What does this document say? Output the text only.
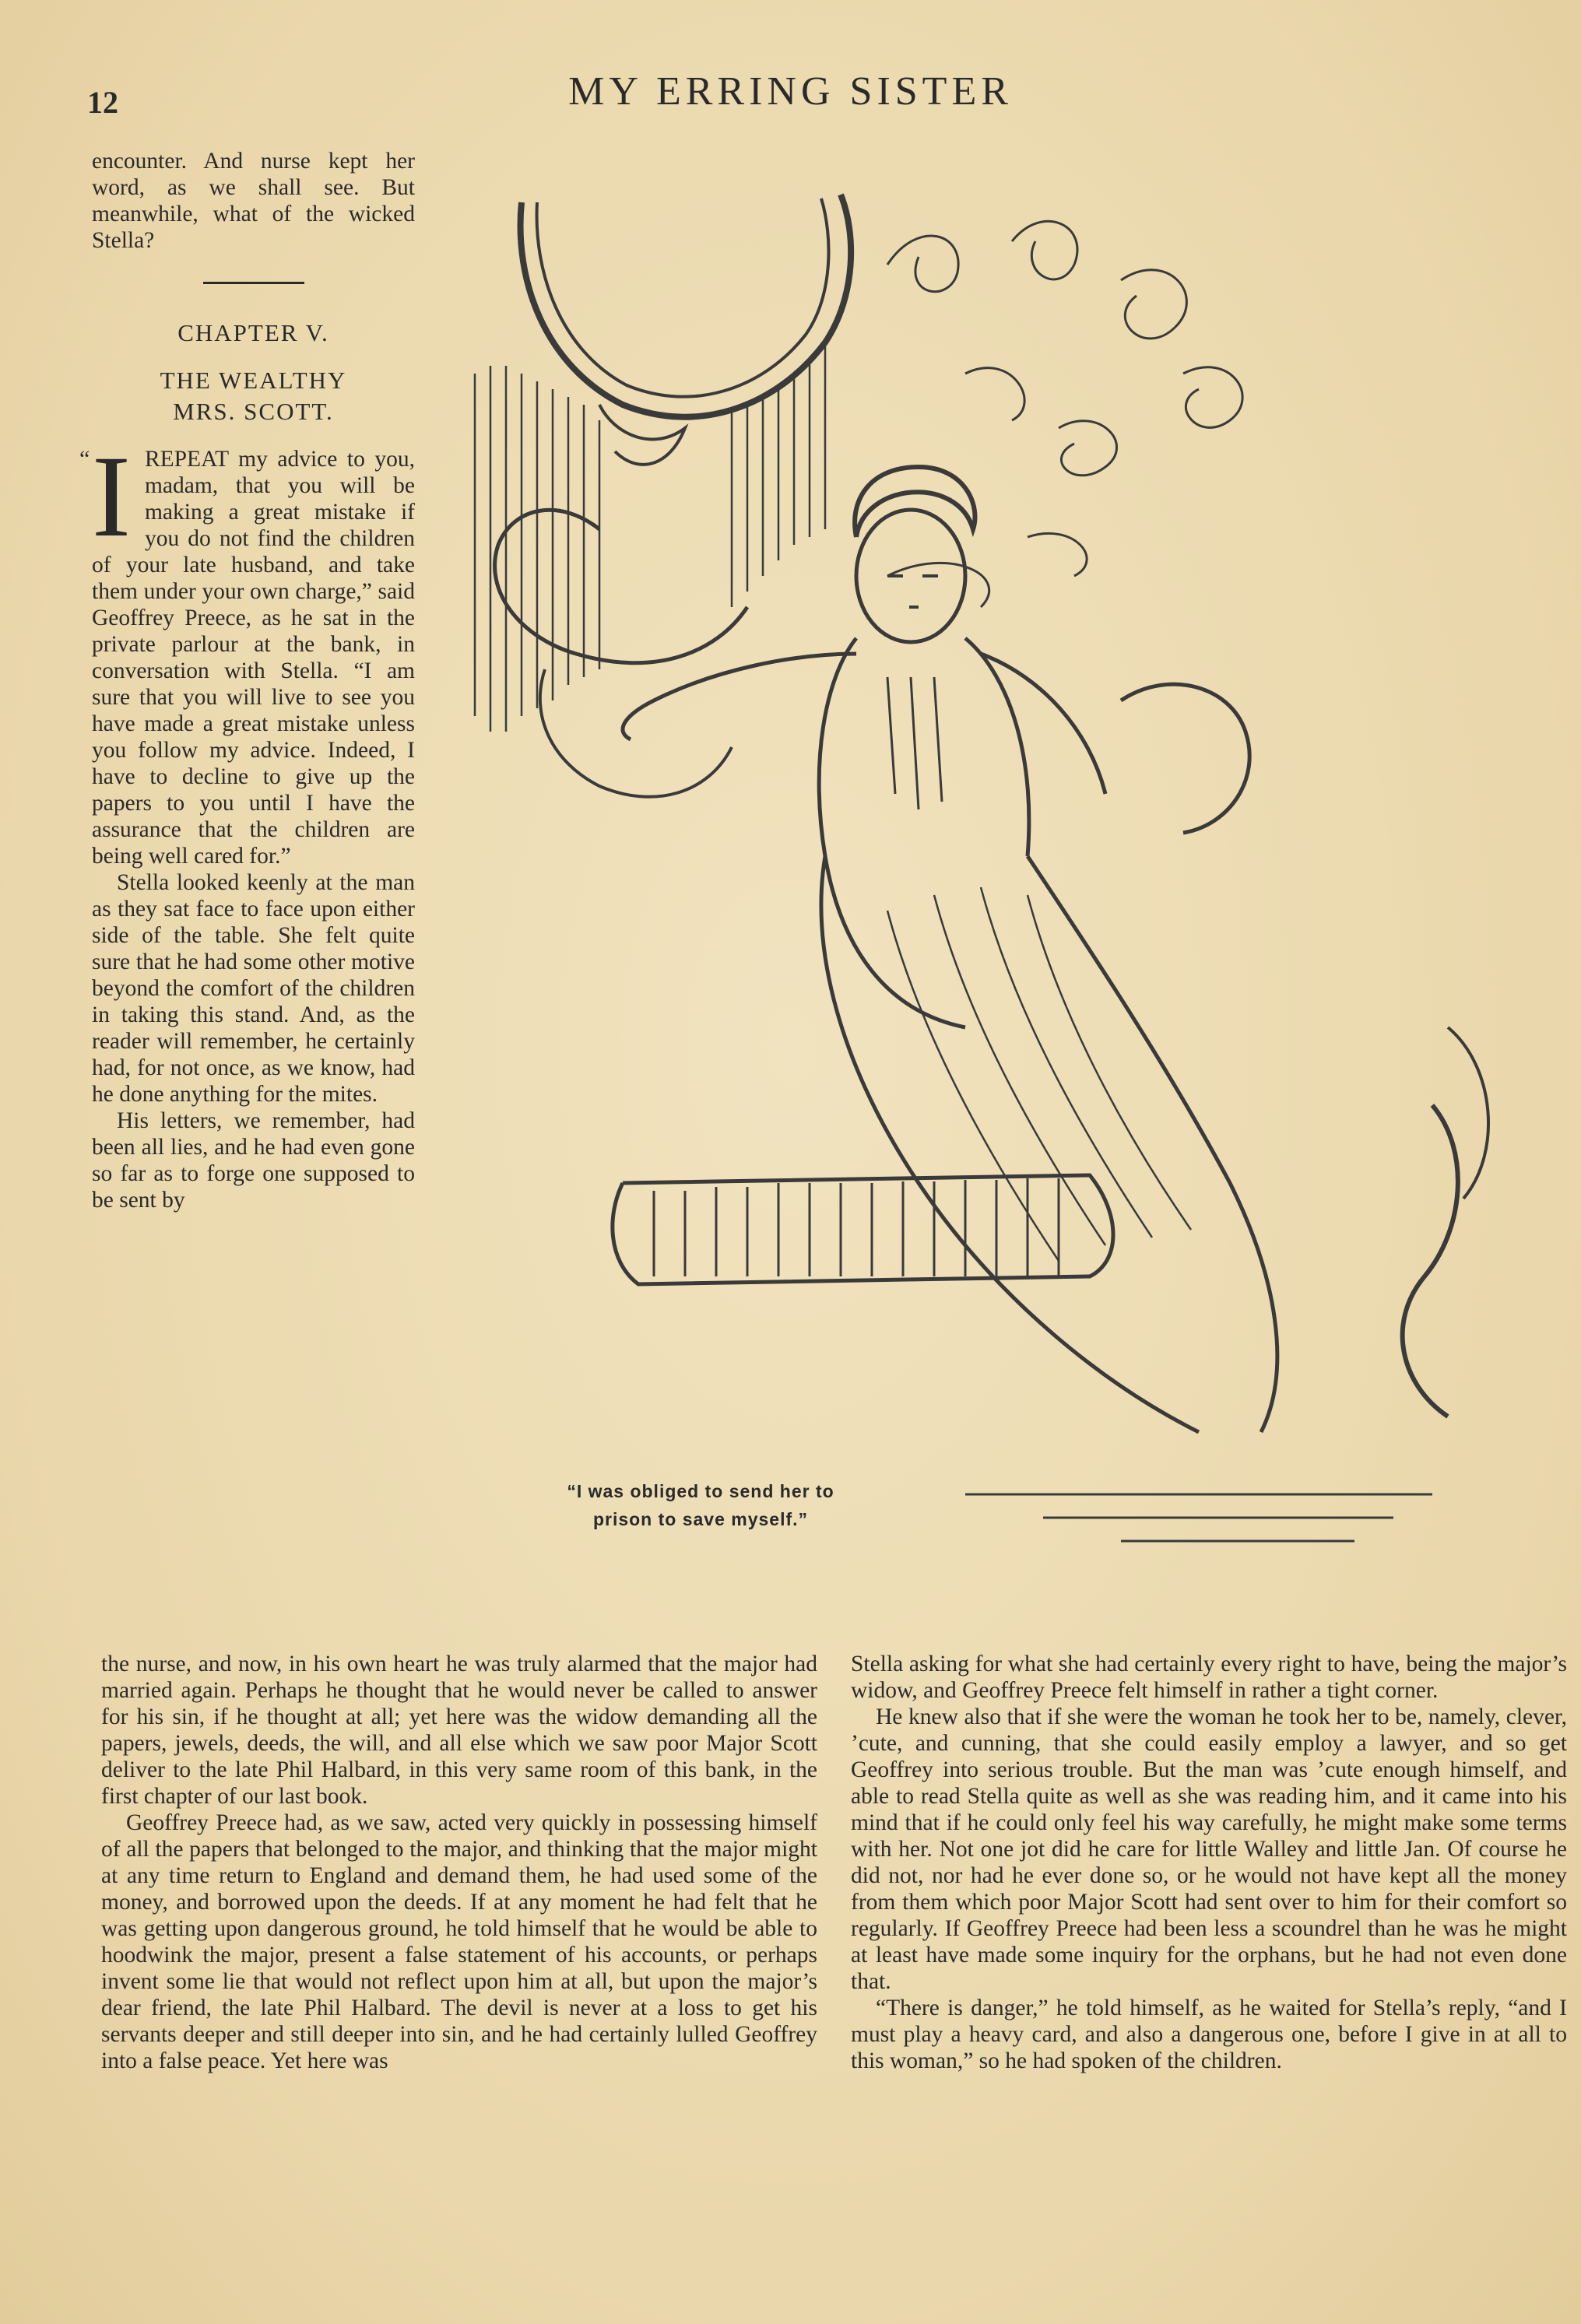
12	MY ERRING SISTER

encounter. And nurse kept her word, as we shall see. But meanwhile, what of the wicked Stella?

CHAPTER V.

THE WEALTHY
MRS. SCOTT.

“ I REPEAT my advice to you, madam, that you will be making a great mistake if you do not find the children of your late husband, and take them under your own charge,” said Geoffrey Preece, as he sat in the private parlour at the bank, in conversation with Stella. “I am sure that you will live to see you have made a great mistake unless you follow my advice. Indeed, I have to decline to give up the papers to you until I have the assurance that the children are being well cared for.”

Stella looked keenly at the man as they sat face to face upon either side of the table. She felt quite sure that he had some other motive beyond the comfort of the children in taking this stand. And, as the reader will remember, he certainly had, for not once, as we know, had he done anything for the mites.

His letters, we remember, had been all lies, and he had even gone so far as to forge one supposed to be sent by

“I was obliged to send her to
prison to save myself.”

the nurse, and now, in his own heart he was truly alarmed that the major had married again. Perhaps he thought that he would never be called to answer for his sin, if he thought at all; yet here was the widow demanding all the papers, jewels, deeds, the will, and all else which we saw poor Major Scott deliver to the late Phil Halbard, in this very same room of this bank, in the first chapter of our last book.

Geoffrey Preece had, as we saw, acted very quickly in possessing himself of all the papers that belonged to the major, and thinking that the major might at any time return to England and demand them, he had used some of the money, and borrowed upon the deeds. If at any moment he had felt that he was getting upon dangerous ground, he told himself that he would be able to hoodwink the major, present a false statement of his accounts, or perhaps invent some lie that would not reflect upon him at all, but upon the major’s dear friend, the late Phil Halbard. The devil is never at a loss to get his servants deeper and still deeper into sin, and he had certainly lulled Geoffrey into a false peace. Yet here was

Stella asking for what she had certainly every right to have, being the major’s widow, and Geoffrey Preece felt himself in rather a tight corner.

He knew also that if she were the woman he took her to be, namely, clever, ’cute, and cunning, that she could easily employ a lawyer, and so get Geoffrey into serious trouble. But the man was ’cute enough himself, and able to read Stella quite as well as she was reading him, and it came into his mind that if he could only feel his way carefully, he might make some terms with her. Not one jot did he care for little Walley and little Jan. Of course he did not, nor had he ever done so, or he would not have kept all the money from them which poor Major Scott had sent over to him for their comfort so regularly. If Geoffrey Preece had been less a scoundrel than he was he might at least have made some inquiry for the orphans, but he had not even done that.

“There is danger,” he told himself, as he waited for Stella’s reply, “and I must play a heavy card, and also a dangerous one, before I give in at all to this woman,” so he had spoken of the children.
